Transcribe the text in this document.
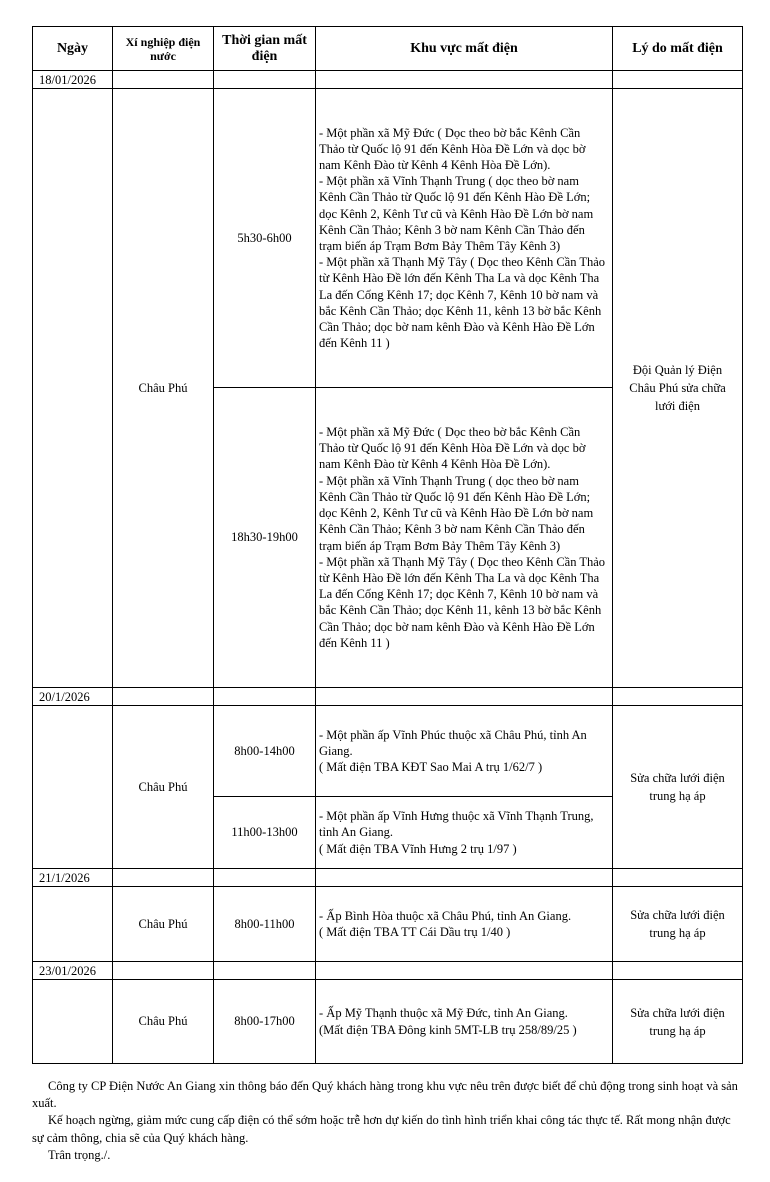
Ngày	Xí nghiệp điện nước	Thời gian mất điện	Khu vực mất điện	Lý do mất điện
18/01/2026				
	Châu Phú	5h30-6h00	- Một phần xã Mỹ Đức ( Dọc theo bờ bắc Kênh Cần Thảo từ Quốc lộ 91 đến Kênh Hòa Đề Lớn và dọc bờ nam Kênh Đào từ Kênh 4 Kênh Hòa Đề Lớn).
- Một phần xã Vĩnh Thạnh Trung ( dọc theo bờ nam Kênh Cần Thảo từ Quốc lộ 91 đến Kênh Hào Đề Lớn; dọc Kênh 2, Kênh Tư cũ và Kênh Hào Đề Lớn bờ nam Kênh Cần Thảo; Kênh 3 bờ nam Kênh Cần Thảo đến trạm biến áp Trạm Bơm Bảy Thêm Tây Kênh 3)
- Một phần xã Thạnh Mỹ Tây ( Dọc theo Kênh Cần Thảo từ Kênh Hào Đề lớn đến Kênh Tha La và dọc Kênh Tha La đến Cống Kênh 17; dọc Kênh 7, Kênh 10 bờ nam và bắc Kênh Cần Thảo; dọc Kênh 11, kênh 13 bờ bắc Kênh Cần Thảo; dọc bờ nam kênh Đào và Kênh Hào Đề Lớn đến Kênh 11 )	Đội Quản lý Điện Châu Phú sửa chữa lưới điện
		18h30-19h00	- Một phần xã Mỹ Đức ( Dọc theo bờ bắc Kênh Cần Thảo từ Quốc lộ 91 đến Kênh Hòa Đề Lớn và dọc bờ nam Kênh Đào từ Kênh 4 Kênh Hòa Đề Lớn).
- Một phần xã Vĩnh Thạnh Trung ( dọc theo bờ nam Kênh Cần Thảo từ Quốc lộ 91 đến Kênh Hào Đề Lớn; dọc Kênh 2, Kênh Tư cũ và Kênh Hào Đề Lớn bờ nam Kênh Cần Thảo; Kênh 3 bờ nam Kênh Cần Thảo đến trạm biến áp Trạm Bơm Bảy Thêm Tây Kênh 3)
- Một phần xã Thạnh Mỹ Tây ( Dọc theo Kênh Cần Thảo từ Kênh Hào Đề lớn đến Kênh Tha La và dọc Kênh Tha La đến Cống Kênh 17; dọc Kênh 7, Kênh 10 bờ nam và bắc Kênh Cần Thảo; dọc Kênh 11, kênh 13 bờ bắc Kênh Cần Thảo; dọc bờ nam kênh Đào và Kênh Hào Đề Lớn đến Kênh 11 )	

20/1/2026				
	Châu Phú	8h00-14h00	- Một phần ấp Vĩnh Phúc thuộc xã Châu Phú, tỉnh An Giang.
( Mất điện TBA KĐT Sao Mai A trụ 1/62/7 )	Sửa chữa lưới điện trung hạ áp
		11h00-13h00	- Một phần ấp Vĩnh Hưng thuộc xã Vĩnh Thạnh Trung, tỉnh An Giang.
( Mất điện TBA Vĩnh Hưng 2 trụ 1/97 )	

21/1/2026				
	Châu Phú	8h00-11h00	- Ấp Bình Hòa thuộc xã Châu Phú, tỉnh An Giang.
( Mất điện TBA TT Cái Dầu trụ 1/40 )	Sửa chữa lưới điện trung hạ áp
23/01/2026				
	Châu Phú	8h00-17h00	- Ấp Mỹ Thạnh thuộc xã Mỹ Đức, tỉnh An Giang.
(Mất điện TBA Đông kinh 5MT-LB trụ 258/89/25 )	Sửa chữa lưới điện trung hạ áp

Công ty CP Điện Nước An Giang xin thông báo đến Quý khách hàng trong khu vực nêu trên được biết để chủ động trong sinh hoạt và sản xuất.

Kế hoạch ngừng, giảm mức cung cấp điện có thể sớm hoặc trễ hơn dự kiến do tình hình triển khai công tác thực tế. Rất mong nhận được sự cảm thông, chia sẽ của Quý khách hàng.

Trân trọng./.
